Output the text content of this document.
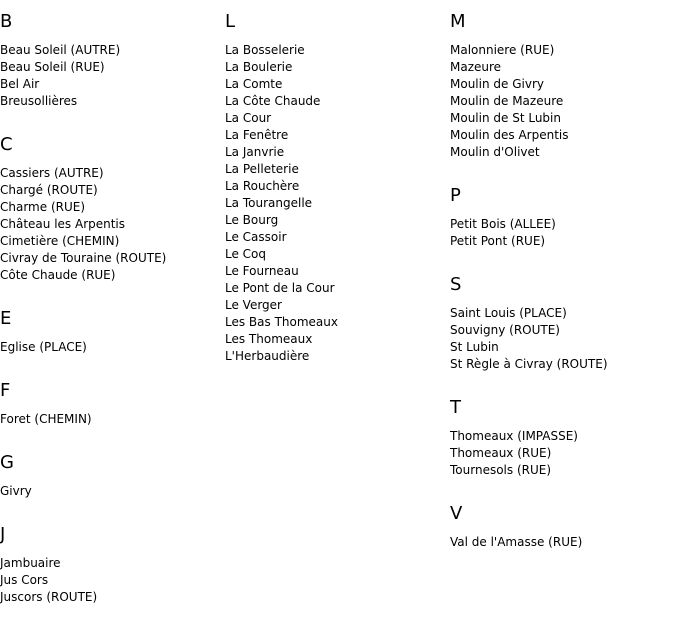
B
Beau Soleil (AUTRE)
Beau Soleil (RUE)
Bel Air
Breusollières
C
Cassiers (AUTRE)
Chargé (ROUTE)
Charme (RUE)
Château les Arpentis
Cimetière (CHEMIN)
Civray de Touraine (ROUTE)
Côte Chaude (RUE)
E
Eglise (PLACE)
F
Foret (CHEMIN)
G
Givry
J
Jambuaire
Jus Cors
Juscors (ROUTE)
L
La Bosselerie
La Boulerie
La Comte
La Côte Chaude
La Cour
La Fenêtre
La Janvrie
La Pelleterie
La Rouchère
La Tourangelle
Le Bourg
Le Cassoir
Le Coq
Le Fourneau
Le Pont de la Cour
Le Verger
Les Bas Thomeaux
Les Thomeaux
L'Herbaudière
M
Malonniere (RUE)
Mazeure
Moulin de Givry
Moulin de Mazeure
Moulin de St Lubin
Moulin des Arpentis
Moulin d'Olivet
P
Petit Bois (ALLEE)
Petit Pont (RUE)
S
Saint Louis (PLACE)
Souvigny (ROUTE)
St Lubin
St Règle à Civray (ROUTE)
T
Thomeaux (IMPASSE)
Thomeaux (RUE)
Tournesols (RUE)
V
Val de l'Amasse (RUE)
